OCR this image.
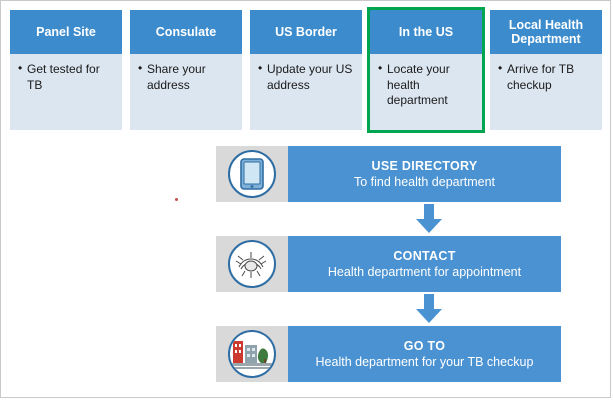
Panel Site
• Get tested for TB
Consulate
• Share your address
US Border
• Update your US address
In the US
• Locate your health department
Local Health Department
• Arrive for TB checkup
USE DIRECTORY
To find health department
CONTACT
Health department for appointment
GO TO
Health department for your TB checkup
